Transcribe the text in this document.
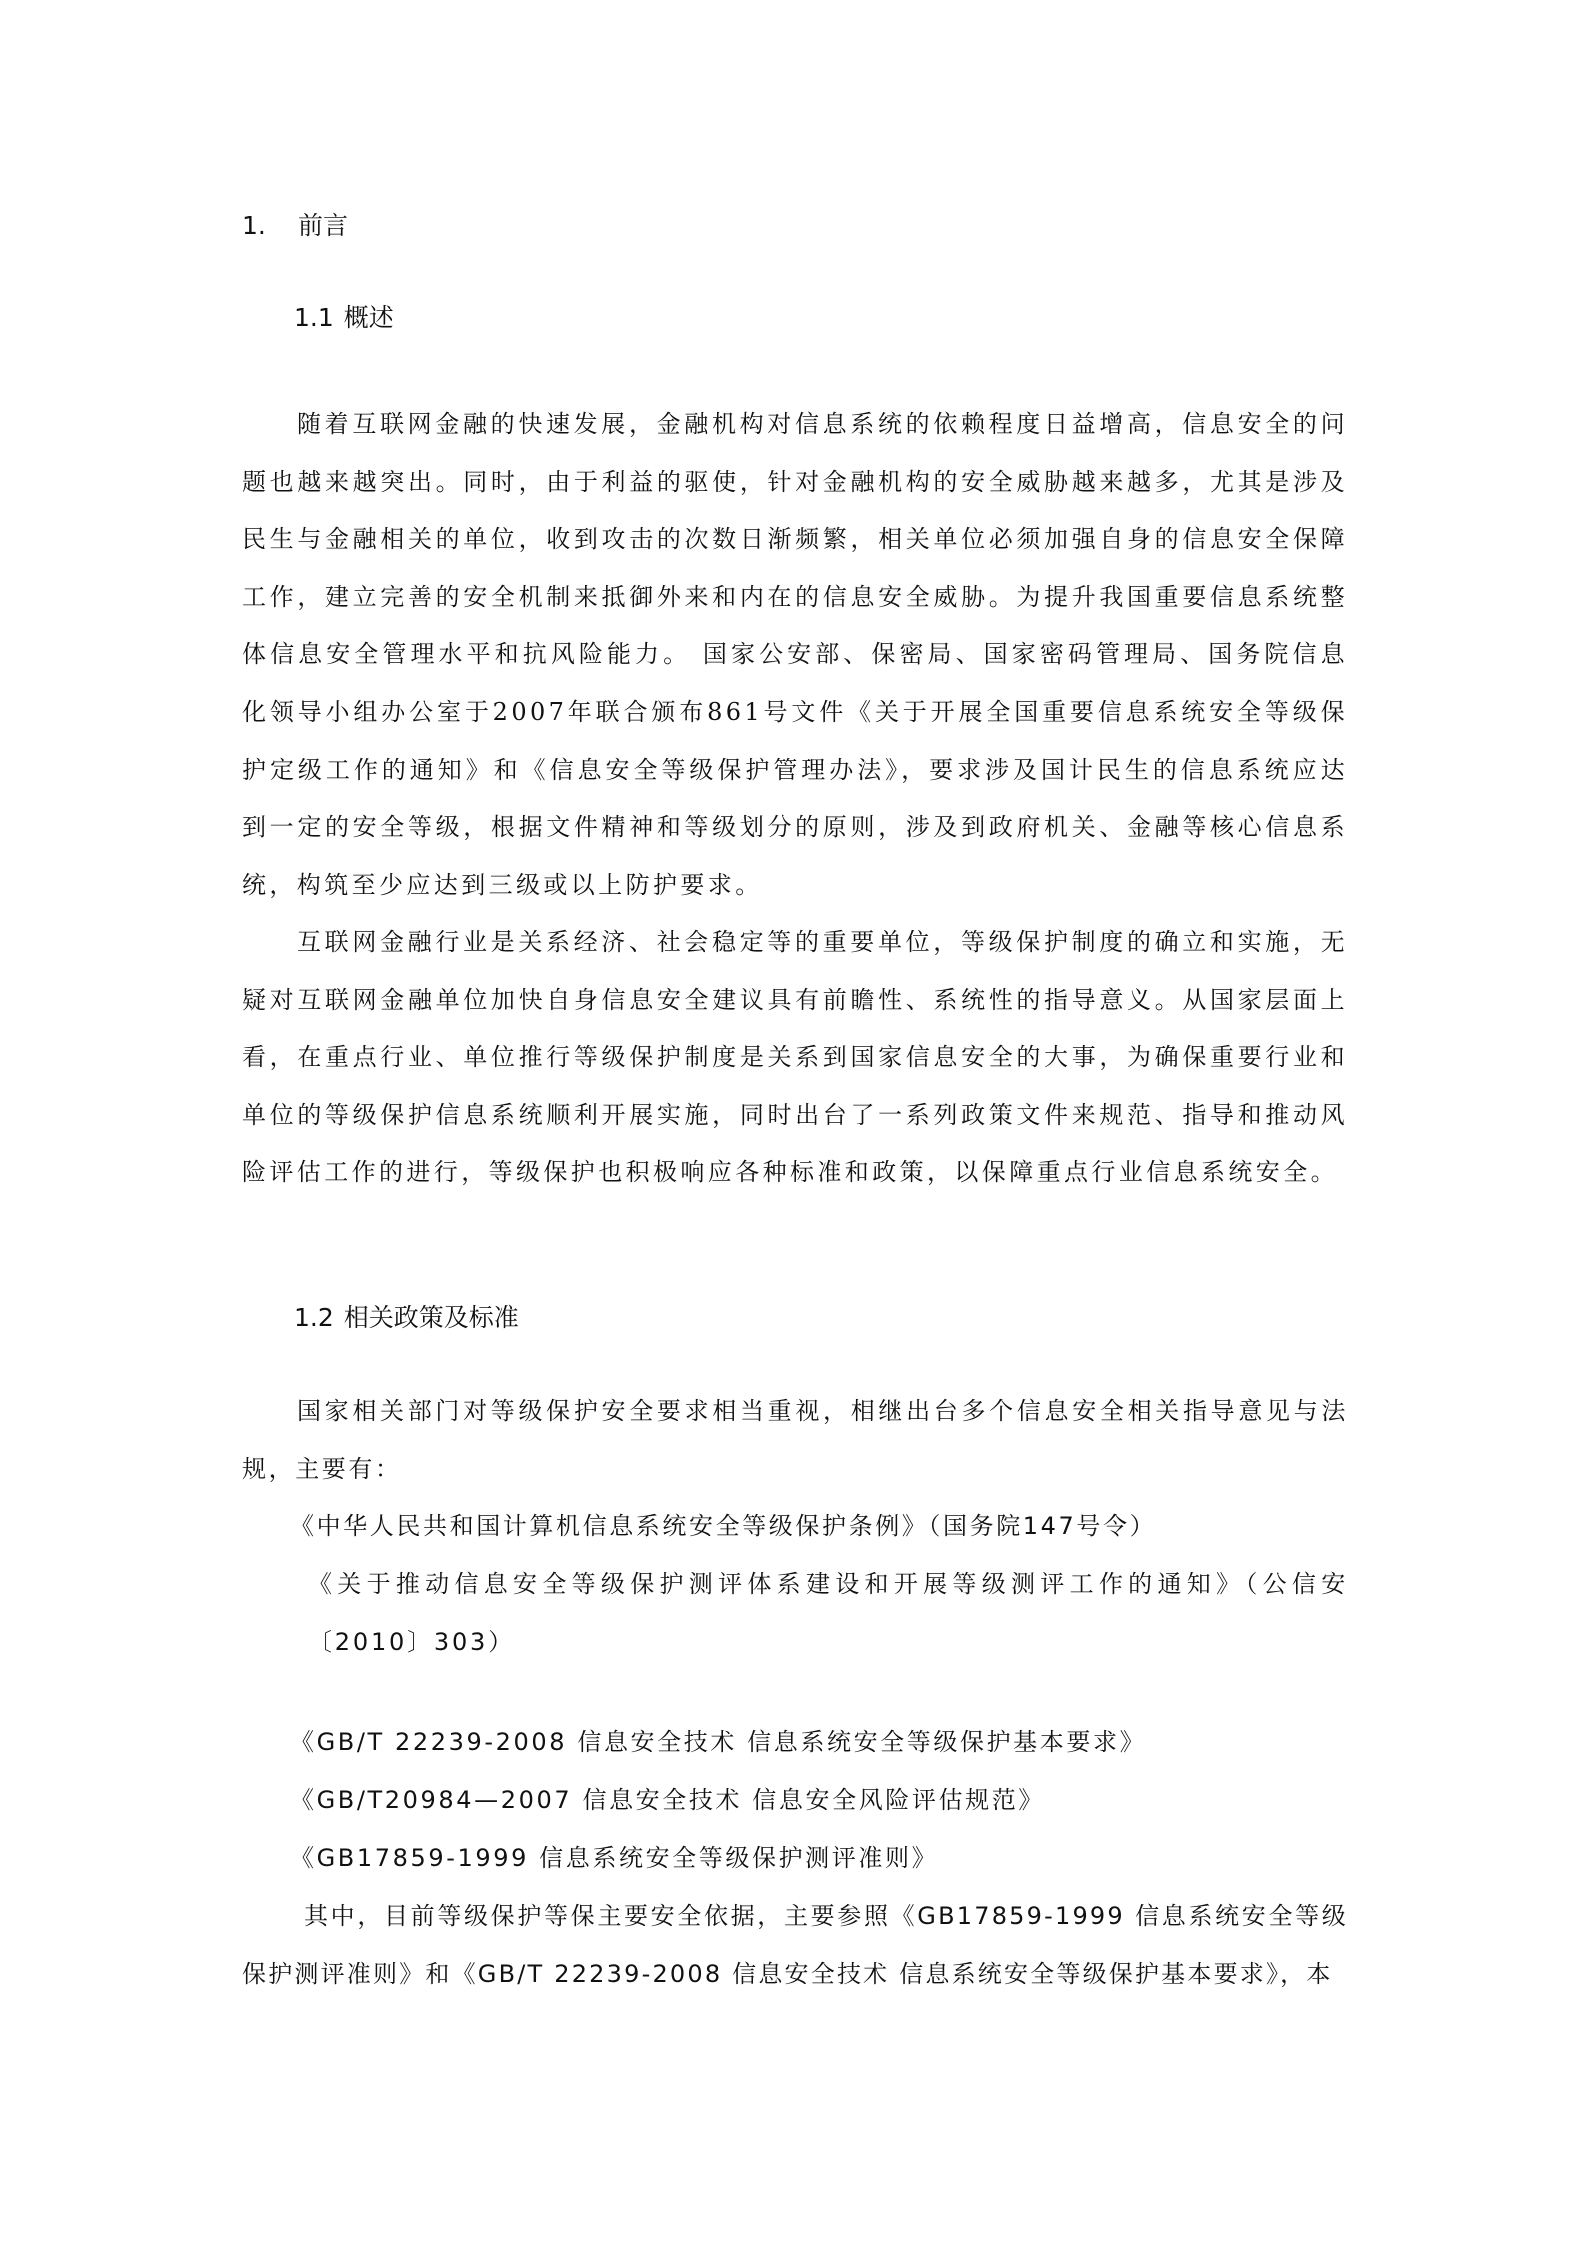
1. 前言
1.1 概述

随着互联网金融的快速发展，金融机构对信息系统的依赖程度日益增高，信息安全的问题也越来越突出。同时，由于利益的驱使，针对金融机构的安全威胁越来越多，尤其是涉及民生与金融相关的单位，收到攻击的次数日渐频繁，相关单位必须加强自身的信息安全保障工作，建立完善的安全机制来抵御外来和内在的信息安全威胁。为提升我国重要信息系统整体信息安全管理水平和抗风险能力。 国家公安部、保密局、国家密码管理局、国务院信息化领导小组办公室于2007年联合颁布861号文件《关于开展全国重要信息系统安全等级保护定级工作的通知》和《信息安全等级保护管理办法》，要求涉及国计民生的信息系统应达到一定的安全等级，根据文件精神和等级划分的原则，涉及到政府机关、金融等核心信息系统，构筑至少应达到三级或以上防护要求。

互联网金融行业是关系经济、社会稳定等的重要单位，等级保护制度的确立和实施，无疑对互联网金融单位加快自身信息安全建议具有前瞻性、系统性的指导意义。从国家层面上看，在重点行业、单位推行等级保护制度是关系到国家信息安全的大事，为确保重要行业和单位的等级保护信息系统顺利开展实施，同时出台了一系列政策文件来规范、指导和推动风险评估工作的进行，等级保护也积极响应各种标准和政策，以保障重点行业信息系统安全。

1.2 相关政策及标准

国家相关部门对等级保护安全要求相当重视，相继出台多个信息安全相关指导意见与法规，主要有：

《中华人民共和国计算机信息系统安全等级保护条例》（国务院147号令）
《关于推动信息安全等级保护测评体系建设和开展等级测评工作的通知》（公信安〔2010〕303）
《GB/T 22239-2008 信息安全技术 信息系统安全等级保护基本要求》
《GB/T20984—2007 信息安全技术 信息安全风险评估规范》
《GB17859-1999 信息系统安全等级保护测评准则》

其中，目前等级保护等保主要安全依据，主要参照《GB17859-1999 信息系统安全等级保护测评准则》和《GB/T 22239-2008 信息安全技术 信息系统安全等级保护基本要求》，本
